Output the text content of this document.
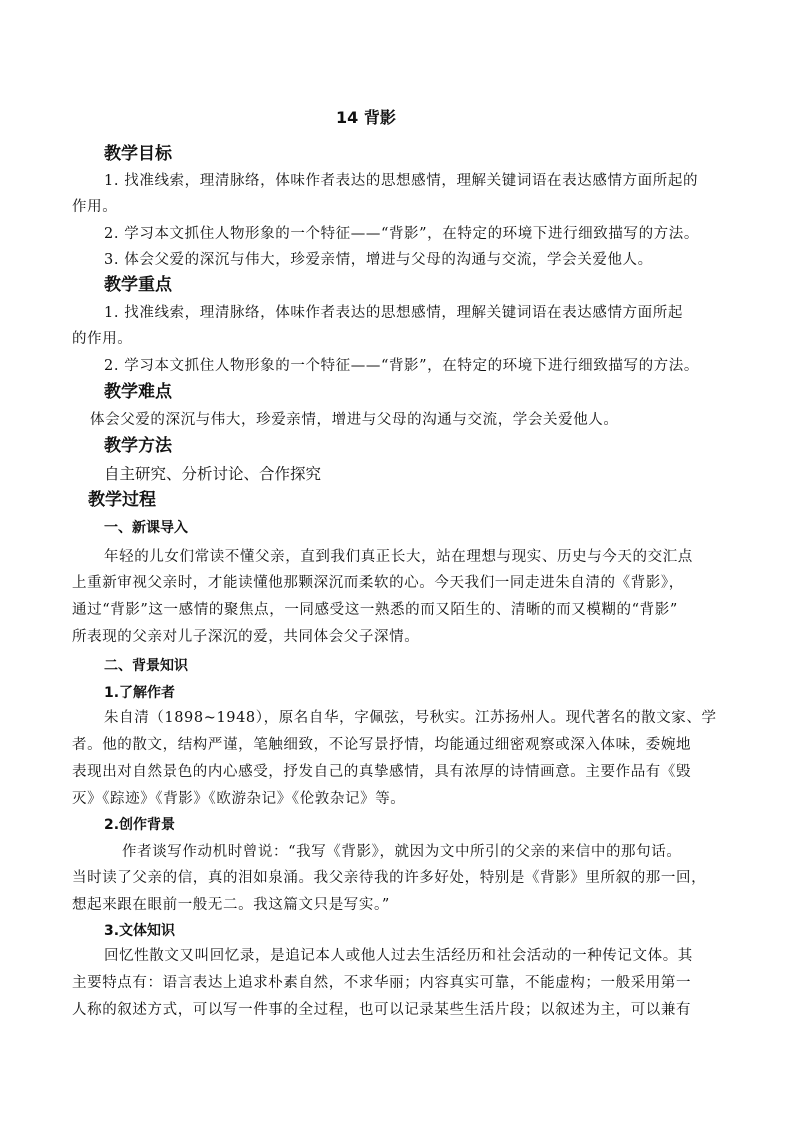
14 背影
教学目标
1. 找准线索，理清脉络，体味作者表达的思想感情，理解关键词语在表达感情方面所起的
作用。
2. 学习本文抓住人物形象的一个特征——“背影”，在特定的环境下进行细致描写的方法。
3. 体会父爱的深沉与伟大，珍爱亲情，增进与父母的沟通与交流，学会关爱他人。
教学重点
1. 找准线索，理清脉络，体味作者表达的思想感情，理解关键词语在表达感情方面所起
的作用。
2. 学习本文抓住人物形象的一个特征——“背影”，在特定的环境下进行细致描写的方法。
教学难点
体会父爱的深沉与伟大，珍爱亲情，增进与父母的沟通与交流，学会关爱他人。
教学方法
自主研究、分析讨论、合作探究
教学过程
一、新课导入
年轻的儿女们常读不懂父亲，直到我们真正长大，站在理想与现实、历史与今天的交汇点
上重新审视父亲时，才能读懂他那颗深沉而柔软的心。今天我们一同走进朱自清的《背影》，
通过“背影”这一感情的聚焦点，一同感受这一熟悉的而又陌生的、清晰的而又模糊的“背影”
所表现的父亲对儿子深沉的爱，共同体会父子深情。
二、背景知识
1.了解作者
朱自清（1898~1948），原名自华，字佩弦，号秋实。江苏扬州人。现代著名的散文家、学
者。他的散文，结构严谨，笔触细致，不论写景抒情，均能通过细密观察或深入体味，委婉地
表现出对自然景色的内心感受，抒发自己的真挚感情，具有浓厚的诗情画意。主要作品有《毁
灭》《踪迹》《背影》《欧游杂记》《伦敦杂记》等。
2.创作背景
作者谈写作动机时曾说：“我写《背影》，就因为文中所引的父亲的来信中的那句话。
当时读了父亲的信，真的泪如泉涌。我父亲待我的许多好处，特别是《背影》里所叙的那一回，
想起来跟在眼前一般无二。我这篇文只是写实。”
3.文体知识
回忆性散文又叫回忆录，是追记本人或他人过去生活经历和社会活动的一种传记文体。其
主要特点有：语言表达上追求朴素自然，不求华丽；内容真实可靠，不能虚构；一般采用第一
人称的叙述方式，可以写一件事的全过程，也可以记录某些生活片段；以叙述为主，可以兼有
